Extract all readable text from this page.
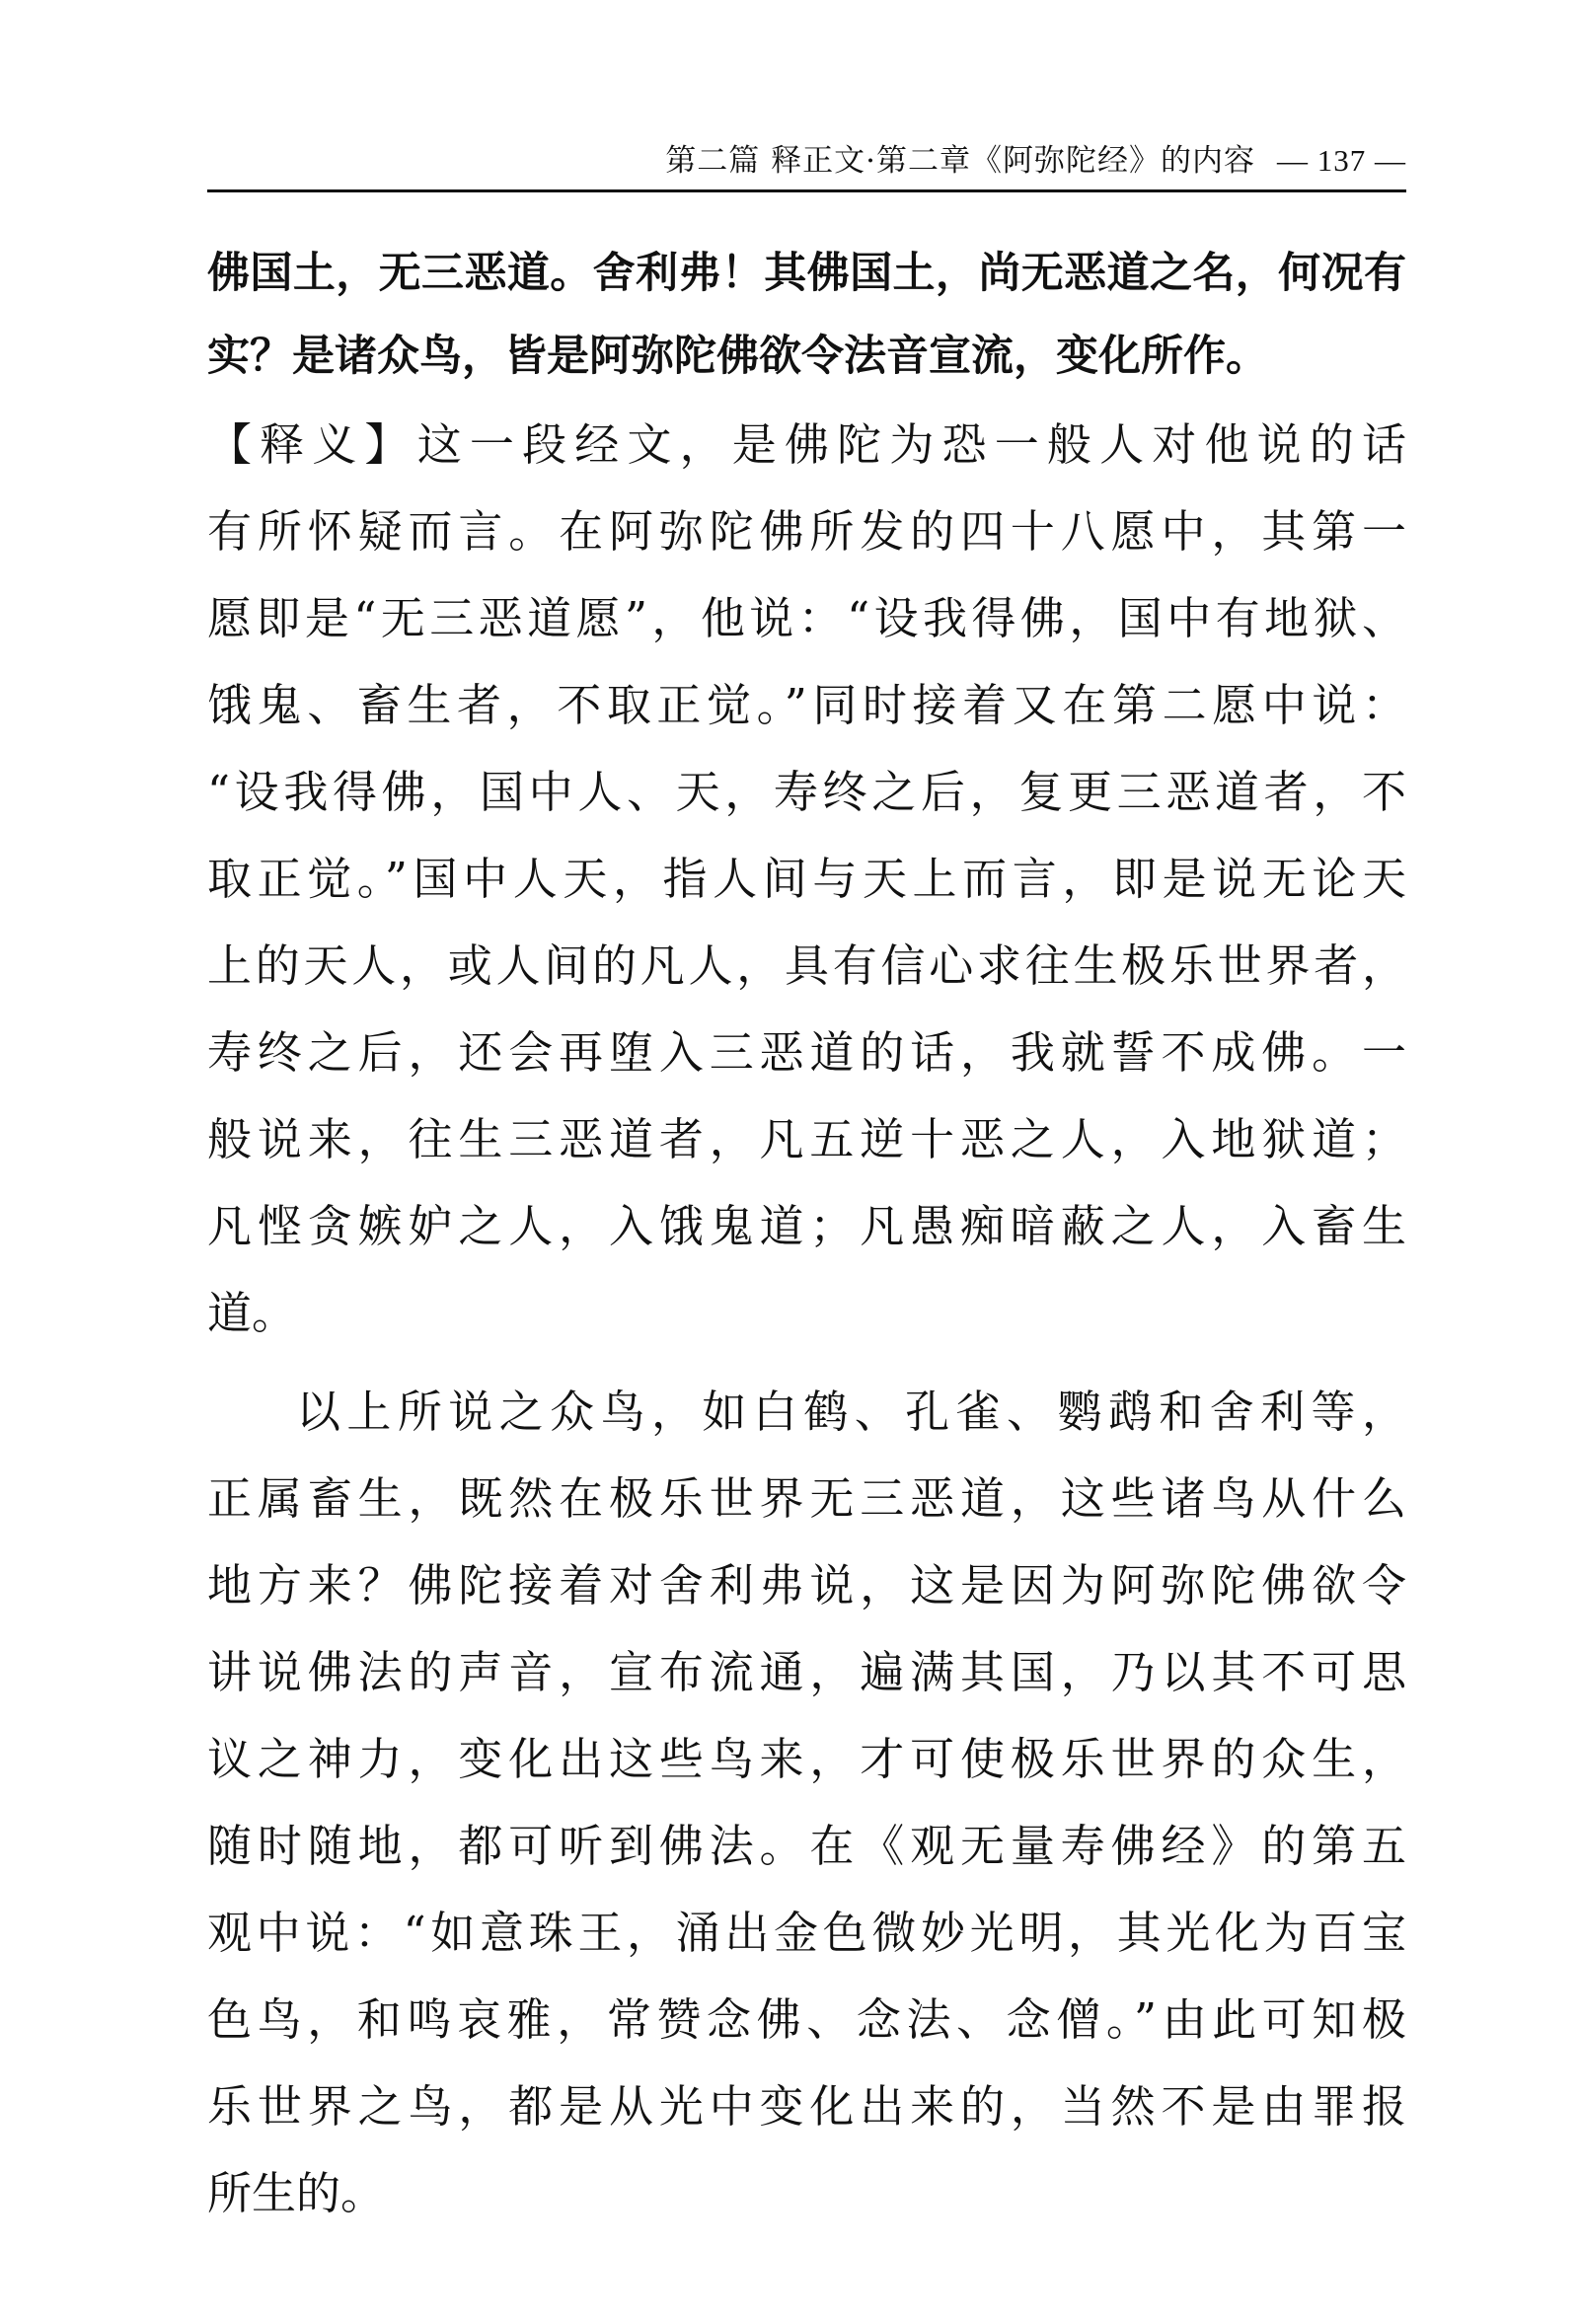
第二篇 释正文·第二章《阿弥陀经》的内容 — 137 —
佛国土，无三恶道。舍利弗！其佛国土，尚无恶道之名，何况有
实？是诸众鸟，皆是阿弥陀佛欲令法音宣流，变化所作。
【释义】这一段经文，是佛陀为恐一般人对他说的话
有所怀疑而言。在阿弥陀佛所发的四十八愿中，其第一
愿即是“无三恶道愿”，他说：“设我得佛，国中有地狱、
饿鬼、畜生者，不取正觉。”同时接着又在第二愿中说：
“设我得佛，国中人、天，寿终之后，复更三恶道者，不
取正觉。”国中人天，指人间与天上而言，即是说无论天
上的天人，或人间的凡人，具有信心求往生极乐世界者，
寿终之后，还会再堕入三恶道的话，我就誓不成佛。一
般说来，往生三恶道者，凡五逆十恶之人，入地狱道；
凡悭贪嫉妒之人，入饿鬼道；凡愚痴暗蔽之人，入畜生
道。
以上所说之众鸟，如白鹤、孔雀、鹦鹉和舍利等，
正属畜生，既然在极乐世界无三恶道，这些诸鸟从什么
地方来？佛陀接着对舍利弗说，这是因为阿弥陀佛欲令
讲说佛法的声音，宣布流通，遍满其国，乃以其不可思
议之神力，变化出这些鸟来，才可使极乐世界的众生，
随时随地，都可听到佛法。在《观无量寿佛经》的第五
观中说：“如意珠王，涌出金色微妙光明，其光化为百宝
色鸟，和鸣哀雅，常赞念佛、念法、念僧。”由此可知极
乐世界之鸟，都是从光中变化出来的，当然不是由罪报
所生的。
